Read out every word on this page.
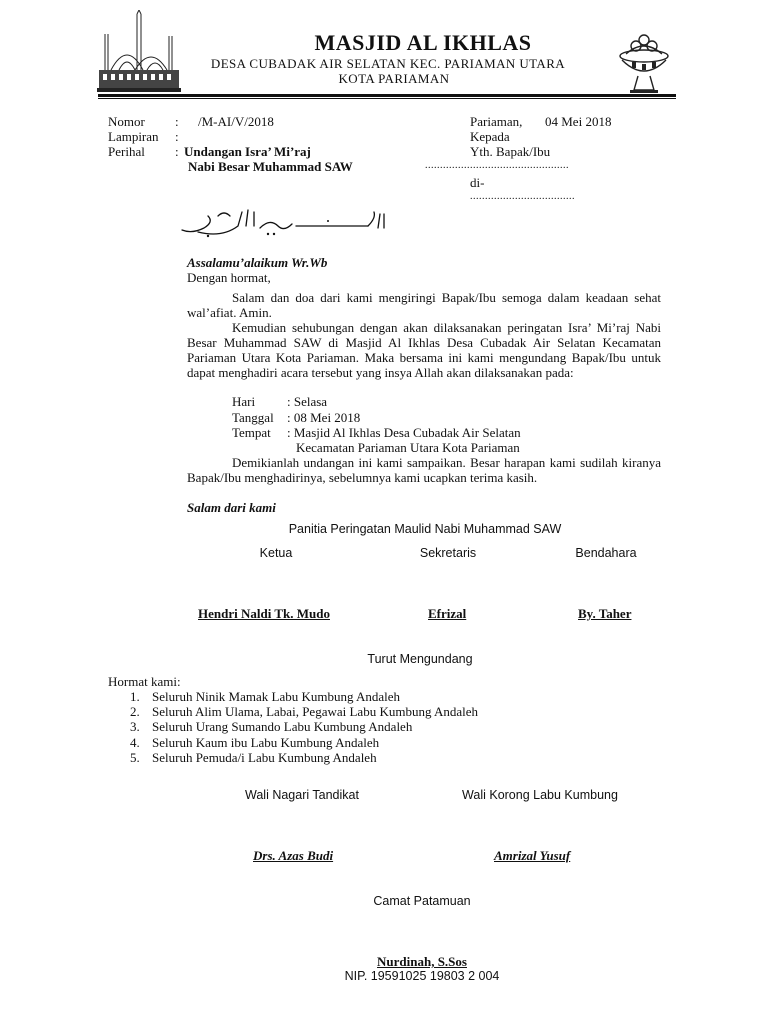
MASJID AL IKHLAS
DESA CUBADAK AIR SELATAN KEC. PARIAMAN UTARA
KOTA PARIAMAN
Nomor : /M-AI/V/2018
Lampiran :
Perihal : Undangan Isra’ Mi’raj
Nabi Besar Muhammad SAW
Pariaman, 04 Mei 2018
Kepada
Yth. Bapak/Ibu
................................................
di-
...................................
Assalamu’alaikum Wr.Wb
Dengan hormat,
Salam dan doa dari kami mengiringi Bapak/Ibu semoga dalam keadaan sehat wal’afiat. Amin.
Kemudian sehubungan dengan akan dilaksanakan peringatan Isra’ Mi’raj Nabi Besar Muhammad SAW di Masjid Al Ikhlas Desa Cubadak Air Selatan Kecamatan Pariaman Utara Kota Pariaman. Maka bersama ini kami mengundang Bapak/Ibu untuk dapat menghadiri acara tersebut yang insya Allah akan dilaksanakan pada:
Hari : Selasa
Tanggal : 08 Mei 2018
Tempat : Masjid Al Ikhlas Desa Cubadak Air Selatan
Kecamatan Pariaman Utara Kota Pariaman
Demikianlah undangan ini kami sampaikan. Besar harapan kami sudilah kiranya Bapak/Ibu menghadirinya, sebelumnya kami ucapkan terima kasih.
Salam dari kami
Panitia Peringatan Maulid Nabi Muhammad SAW
Ketua	Sekretaris	Bendahara
Hendri Naldi Tk. Mudo	Efrizal	By. Taher
Turut Mengundang
Hormat kami:
1. Seluruh Ninik Mamak Labu Kumbung Andaleh
2. Seluruh Alim Ulama, Labai, Pegawai Labu Kumbung Andaleh
3. Seluruh Urang Sumando Labu Kumbung Andaleh
4. Seluruh Kaum ibu Labu Kumbung Andaleh
5. Seluruh Pemuda/i Labu Kumbung Andaleh
Wali Nagari Tandikat	Wali Korong Labu Kumbung
Drs. Azas Budi	Amrizal Yusuf
Camat Patamuan
Nurdinah, S.Sos
NIP. 19591025 19803 2 004
